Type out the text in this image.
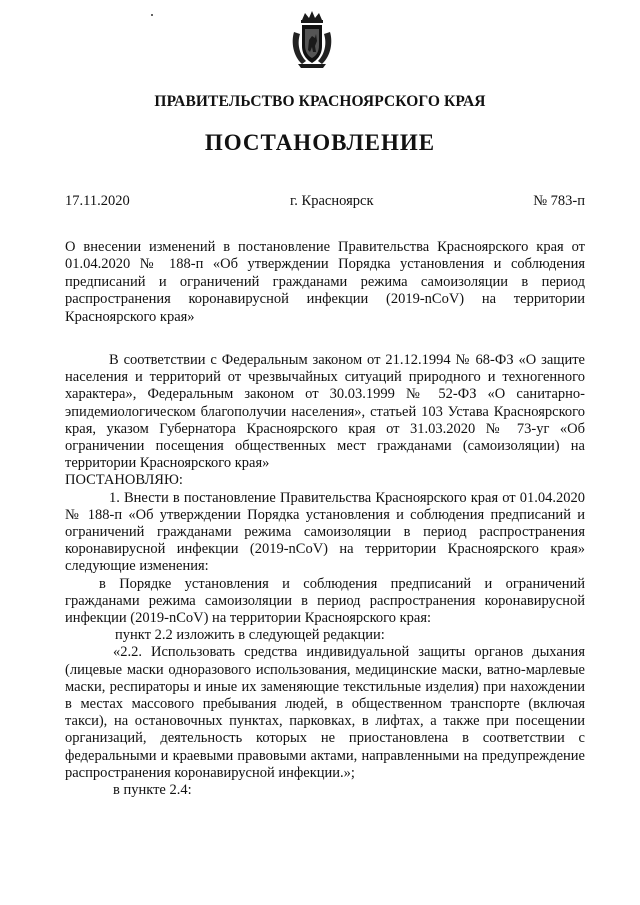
ПРАВИТЕЛЬСТВО КРАСНОЯРСКОГО КРАЯ
ПОСТАНОВЛЕНИЕ
17.11.2020	г. Красноярск	№ 783-п
О внесении изменений в постановление Правительства Красноярского края от 01.04.2020 № 188-п «Об утверждении Порядка установления и соблюдения предписаний и ограничений гражданами режима самоизоляции в период распространения коронавирусной инфекции (2019-nCoV) на территории Красноярского края»

В соответствии с Федеральным законом от 21.12.1994 № 68-ФЗ «О защите населения и территорий от чрезвычайных ситуаций природного и техногенного характера», Федеральным законом от 30.03.1999 № 52-ФЗ «О санитарно-эпидемиологическом благополучии населения», статьей 103 Устава Красноярского края, указом Губернатора Красноярского края от 31.03.2020 № 73-уг «Об ограничении посещения общественных мест гражданами (самоизоляции) на территории Красноярского края»

ПОСТАНОВЛЯЮ:

1. Внести в постановление Правительства Красноярского края от 01.04.2020 № 188-п «Об утверждении Порядка установления и соблюдения предписаний и ограничений гражданами режима самоизоляции в период распространения коронавирусной инфекции (2019-nCoV) на территории Красноярского края» следующие изменения:

в Порядке установления и соблюдения предписаний и ограничений гражданами режима самоизоляции в период распространения коронавирусной инфекции (2019-nCoV) на территории Красноярского края:

пункт 2.2 изложить в следующей редакции:

«2.2. Использовать средства индивидуальной защиты органов дыхания (лицевые маски одноразового использования, медицинские маски, ватно-марлевые маски, респираторы и иные их заменяющие текстильные изделия) при нахождении в местах массового пребывания людей, в общественном транспорте (включая такси), на остановочных пунктах, парковках, в лифтах, а также при посещении организаций, деятельность которых не приостановлена в соответствии с федеральными и краевыми правовыми актами, направленными на предупреждение распространения коронавирусной инфекции.»;

в пункте 2.4:
